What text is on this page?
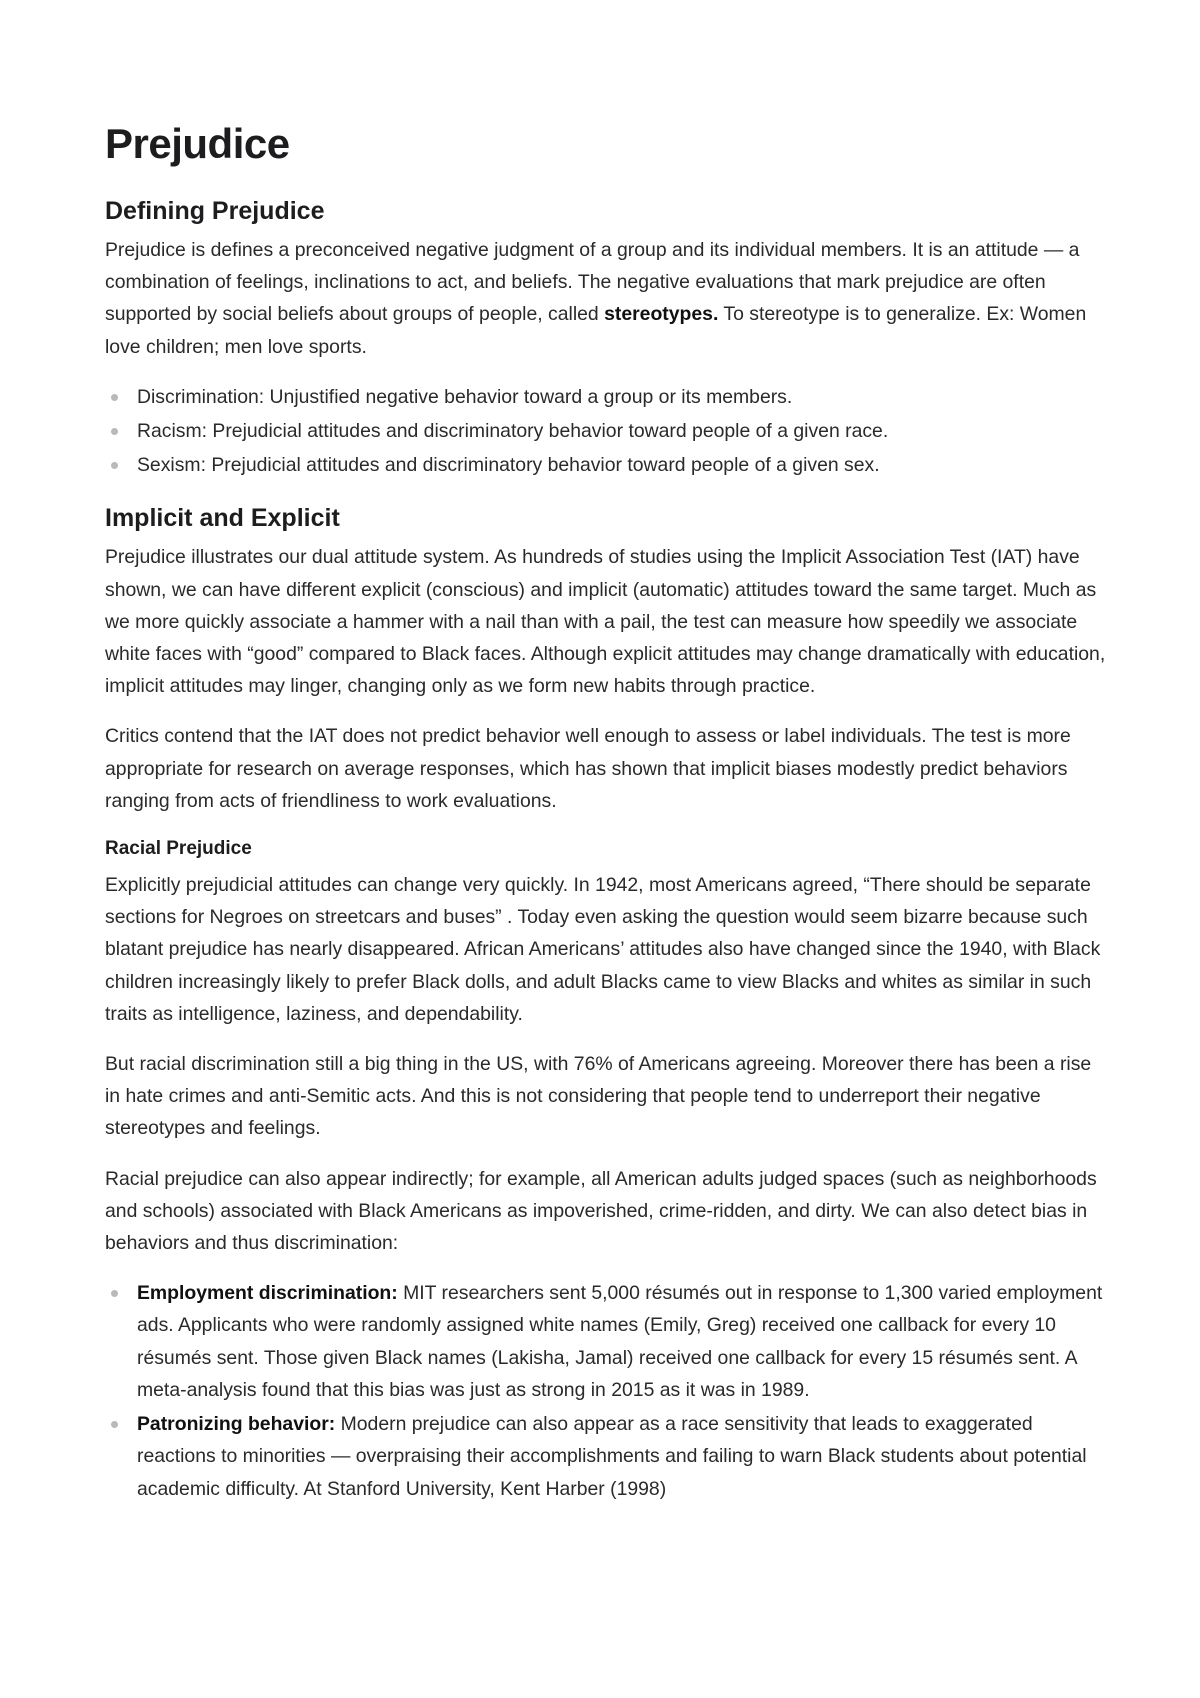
Prejudice
Defining Prejudice

Prejudice is defines a preconceived negative judgment of a group and its individual members. It is an attitude — a combination of feelings, inclinations to act, and beliefs. The negative evaluations that mark prejudice are often supported by social beliefs about groups of people, called stereotypes. To stereotype is to generalize. Ex: Women love children; men love sports.

Discrimination: Unjustified negative behavior toward a group or its members.
Racism: Prejudicial attitudes and discriminatory behavior toward people of a given race.
Sexism: Prejudicial attitudes and discriminatory behavior toward people of a given sex.
Implicit and Explicit

Prejudice illustrates our dual attitude system. As hundreds of studies using the Implicit Association Test (IAT) have shown, we can have different explicit (conscious) and implicit (automatic) attitudes toward the same target. Much as we more quickly associate a hammer with a nail than with a pail, the test can measure how speedily we associate white faces with “good” compared to Black faces. Although explicit attitudes may change dramatically with education, implicit attitudes may linger, changing only as we form new habits through practice.

Critics contend that the IAT does not predict behavior well enough to assess or label individuals. The test is more appropriate for research on average responses, which has shown that implicit biases modestly predict behaviors ranging from acts of friendliness to work evaluations.

Racial Prejudice

Explicitly prejudicial attitudes can change very quickly. In 1942, most Americans agreed, “There should be separate sections for Negroes on streetcars and buses” . Today even asking the question would seem bizarre because such blatant prejudice has nearly disappeared. African Americans’ attitudes also have changed since the 1940, with Black children increasingly likely to prefer Black dolls, and adult Blacks came to view Blacks and whites as similar in such traits as intelligence, laziness, and dependability.

But racial discrimination still a big thing in the US, with 76% of Americans agreeing. Moreover there has been a rise in hate crimes and anti-Semitic acts. And this is not considering that people tend to underreport their negative stereotypes and feelings.

Racial prejudice can also appear indirectly; for example, all American adults judged spaces (such as neighborhoods and schools) associated with Black Americans as impoverished, crime-ridden, and dirty. We can also detect bias in behaviors and thus discrimination:

Employment discrimination: MIT researchers sent 5,000 résumés out in response to 1,300 varied employment ads. Applicants who were randomly assigned white names (Emily, Greg) received one callback for every 10 résumés sent. Those given Black names (Lakisha, Jamal) received one callback for every 15 résumés sent. A meta-analysis found that this bias was just as strong in 2015 as it was in 1989.
Patronizing behavior: Modern prejudice can also appear as a race sensitivity that leads to exaggerated reactions to minorities — overpraising their accomplishments and failing to warn Black students about potential academic difficulty. At Stanford University, Kent Harber (1998)
